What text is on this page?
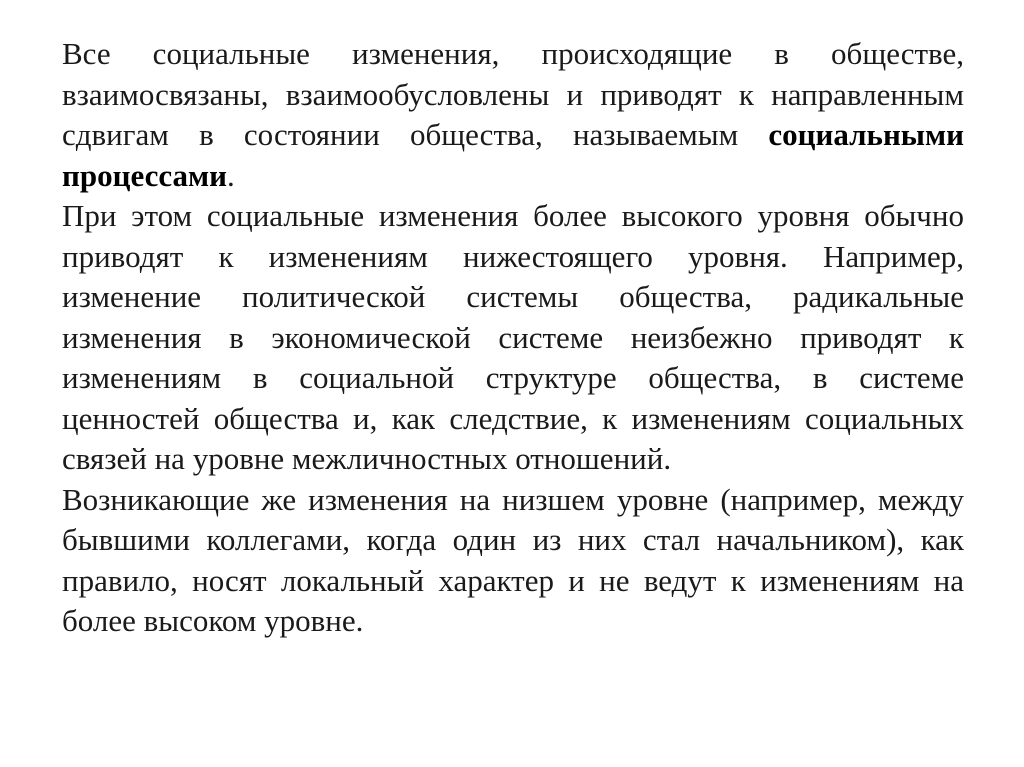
Все социальные изменения, происходящие в обществе, взаимосвязаны, взаимообусловлены и приводят к направленным сдвигам в состоянии общества, называемым социальными процессами.

При этом социальные изменения более высокого уровня обычно приводят к изменениям нижестоящего уровня. Например, изменение политической системы общества, радикальные изменения в экономической системе неизбежно приводят к изменениям в социальной структуре общества, в системе ценностей общества и, как следствие, к изменениям социальных связей на уровне межличностных отношений.

Возникающие же изменения на низшем уровне (например, между бывшими коллегами, когда один из них стал начальником), как правило, носят локальный характер и не ведут к изменениям на более высоком уровне.
